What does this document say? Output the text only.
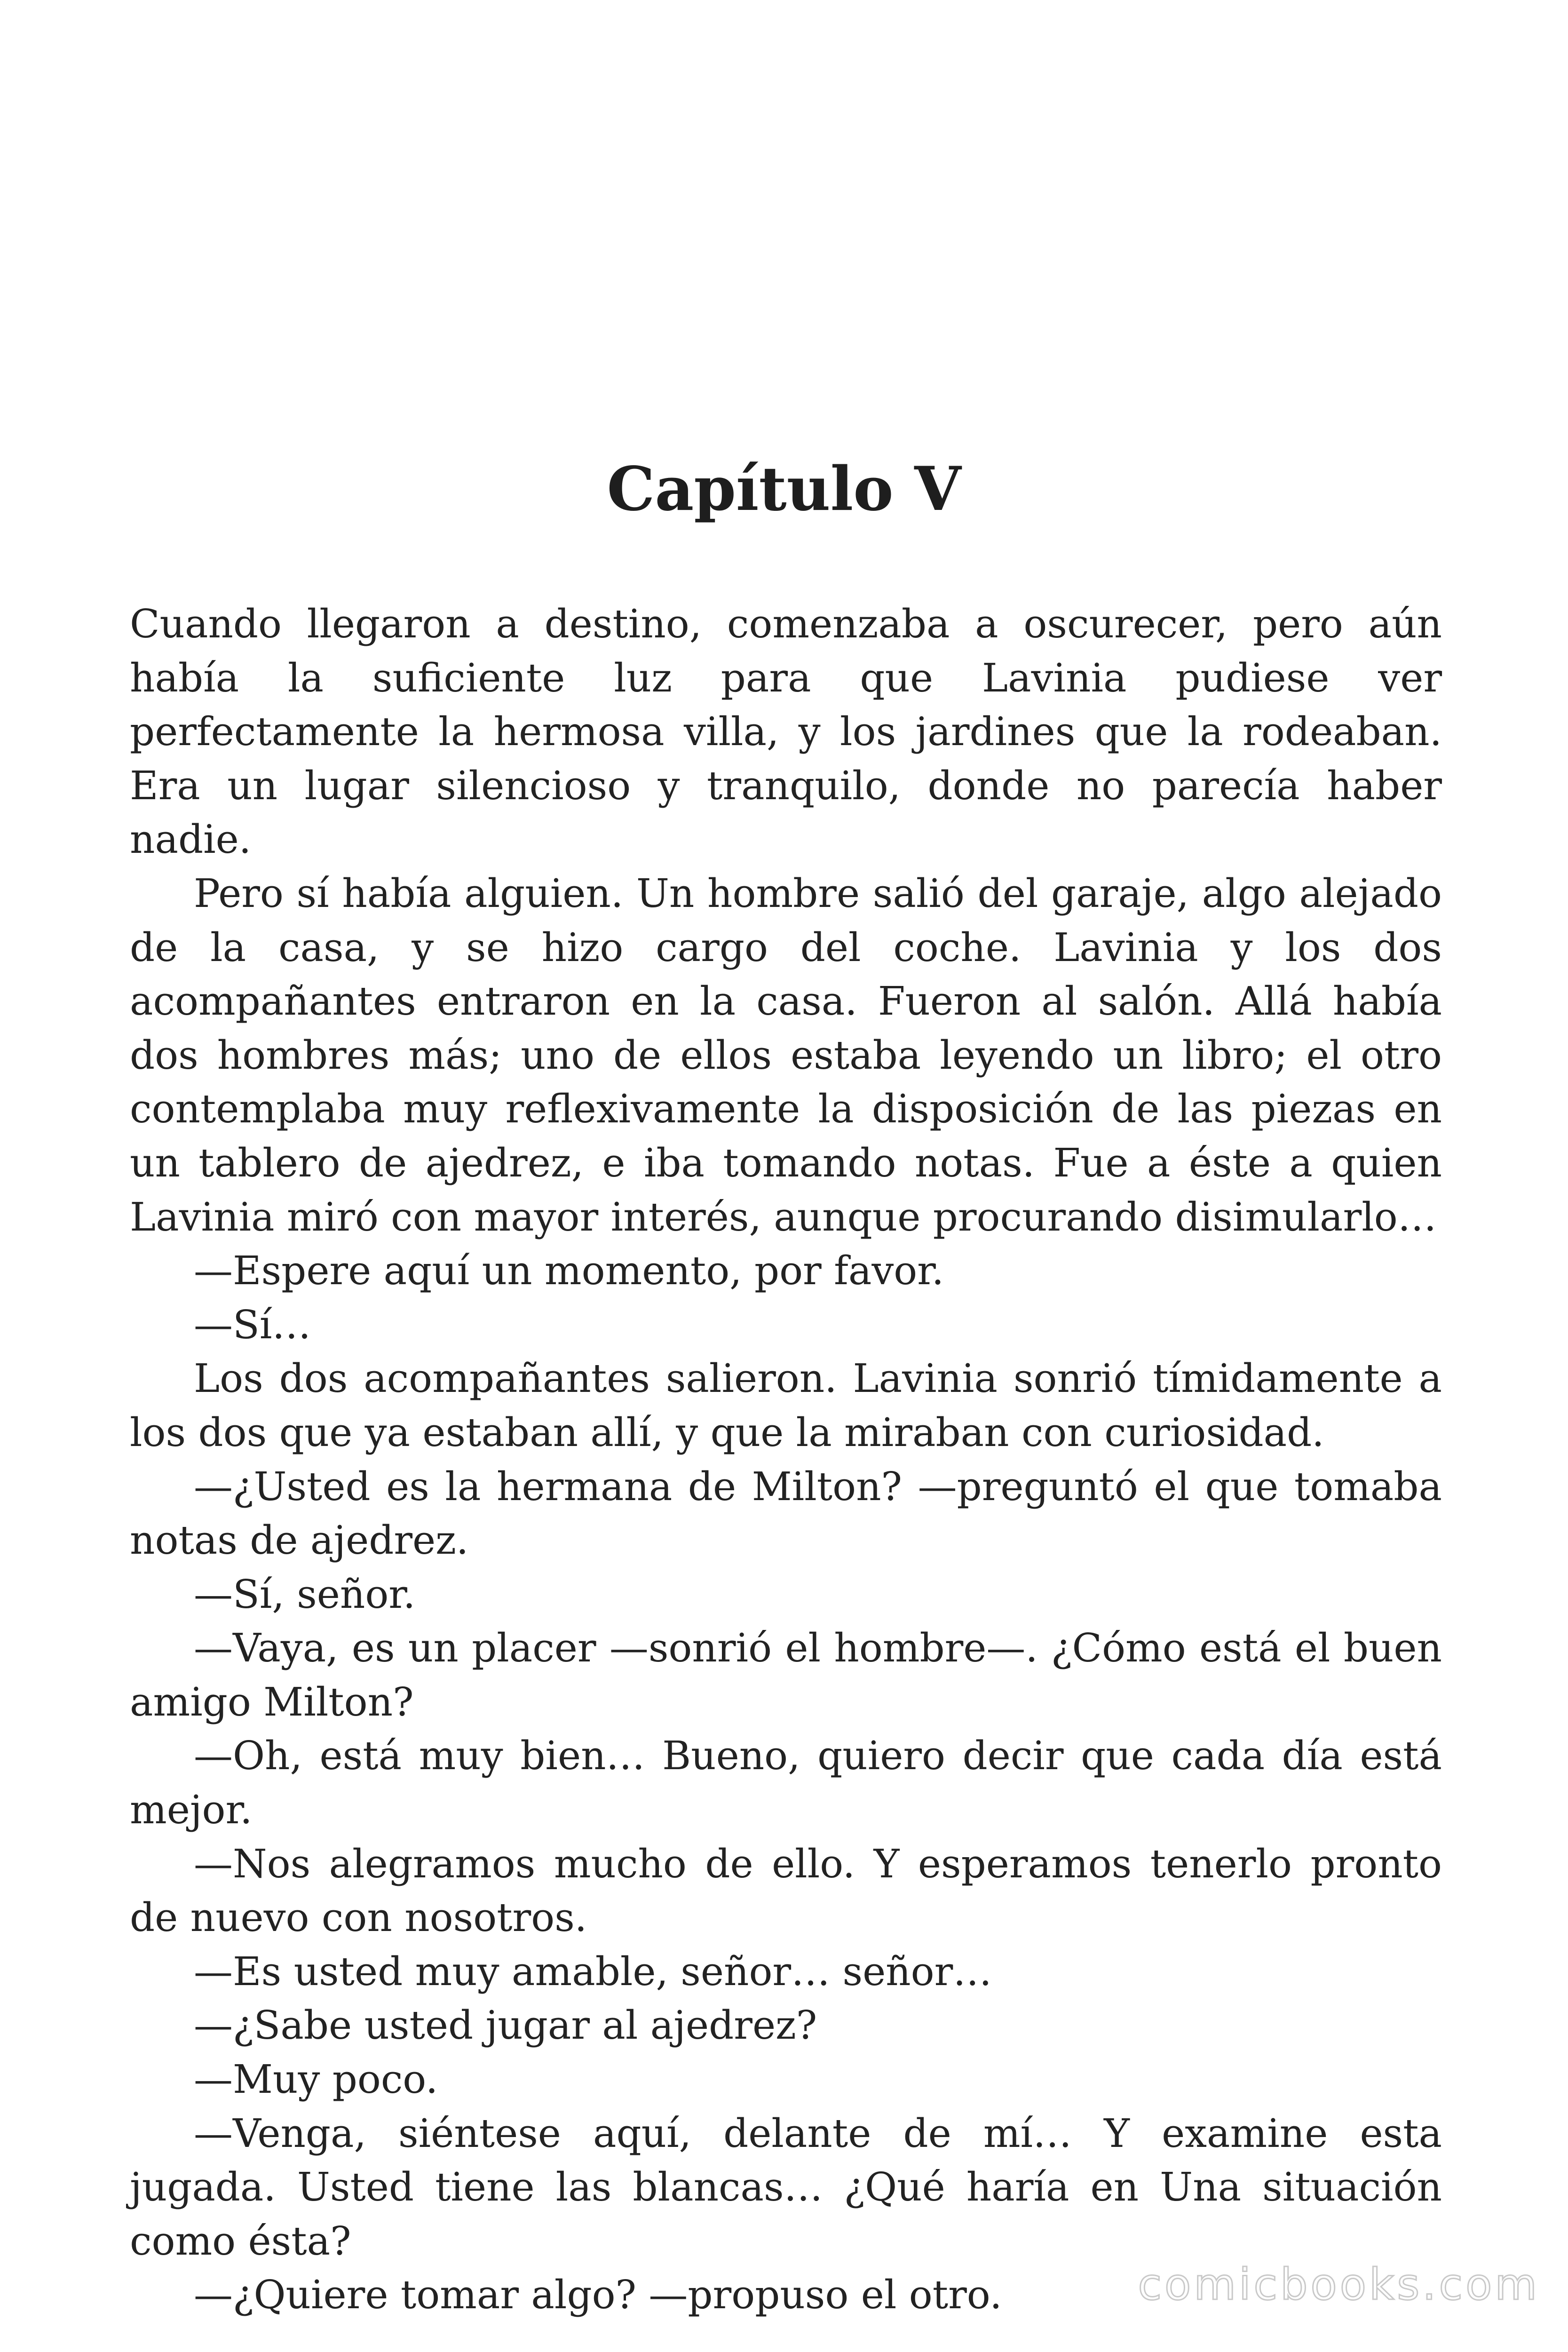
Capítulo V

Cuando llegaron a destino, comenzaba a oscurecer, pero aún había la suficiente luz para que Lavinia pudiese ver perfectamente la hermosa villa, y los jardines que la rodeaban. Era un lugar silencioso y tranquilo, donde no parecía haber nadie.

Pero sí había alguien. Un hombre salió del garaje, algo alejado de la casa, y se hizo cargo del coche. Lavinia y los dos acompañantes entraron en la casa. Fueron al salón. Allá había dos hombres más; uno de ellos estaba leyendo un libro; el otro contemplaba muy reflexivamente la disposición de las piezas en un tablero de ajedrez, e iba tomando notas. Fue a éste a quien Lavinia miró con mayor interés, aunque procurando disimularlo…

—Espere aquí un momento, por favor.

—Sí…

Los dos acompañantes salieron. Lavinia sonrió tímidamente a los dos que ya estaban allí, y que la miraban con curiosidad.

—¿Usted es la hermana de Milton? —preguntó el que tomaba notas de ajedrez.

—Sí, señor.

—Vaya, es un placer —sonrió el hombre—. ¿Cómo está el buen amigo Milton?

—Oh, está muy bien… Bueno, quiero decir que cada día está mejor.

—Nos alegramos mucho de ello. Y esperamos tenerlo pronto de nuevo con nosotros.

—Es usted muy amable, señor… señor…

—¿Sabe usted jugar al ajedrez?

—Muy poco.

—Venga, siéntese aquí, delante de mí… Y examine esta jugada. Usted tiene las blancas… ¿Qué haría en Una situación como ésta?

—¿Quiere tomar algo? —propuso el otro.	comicbooks.com
